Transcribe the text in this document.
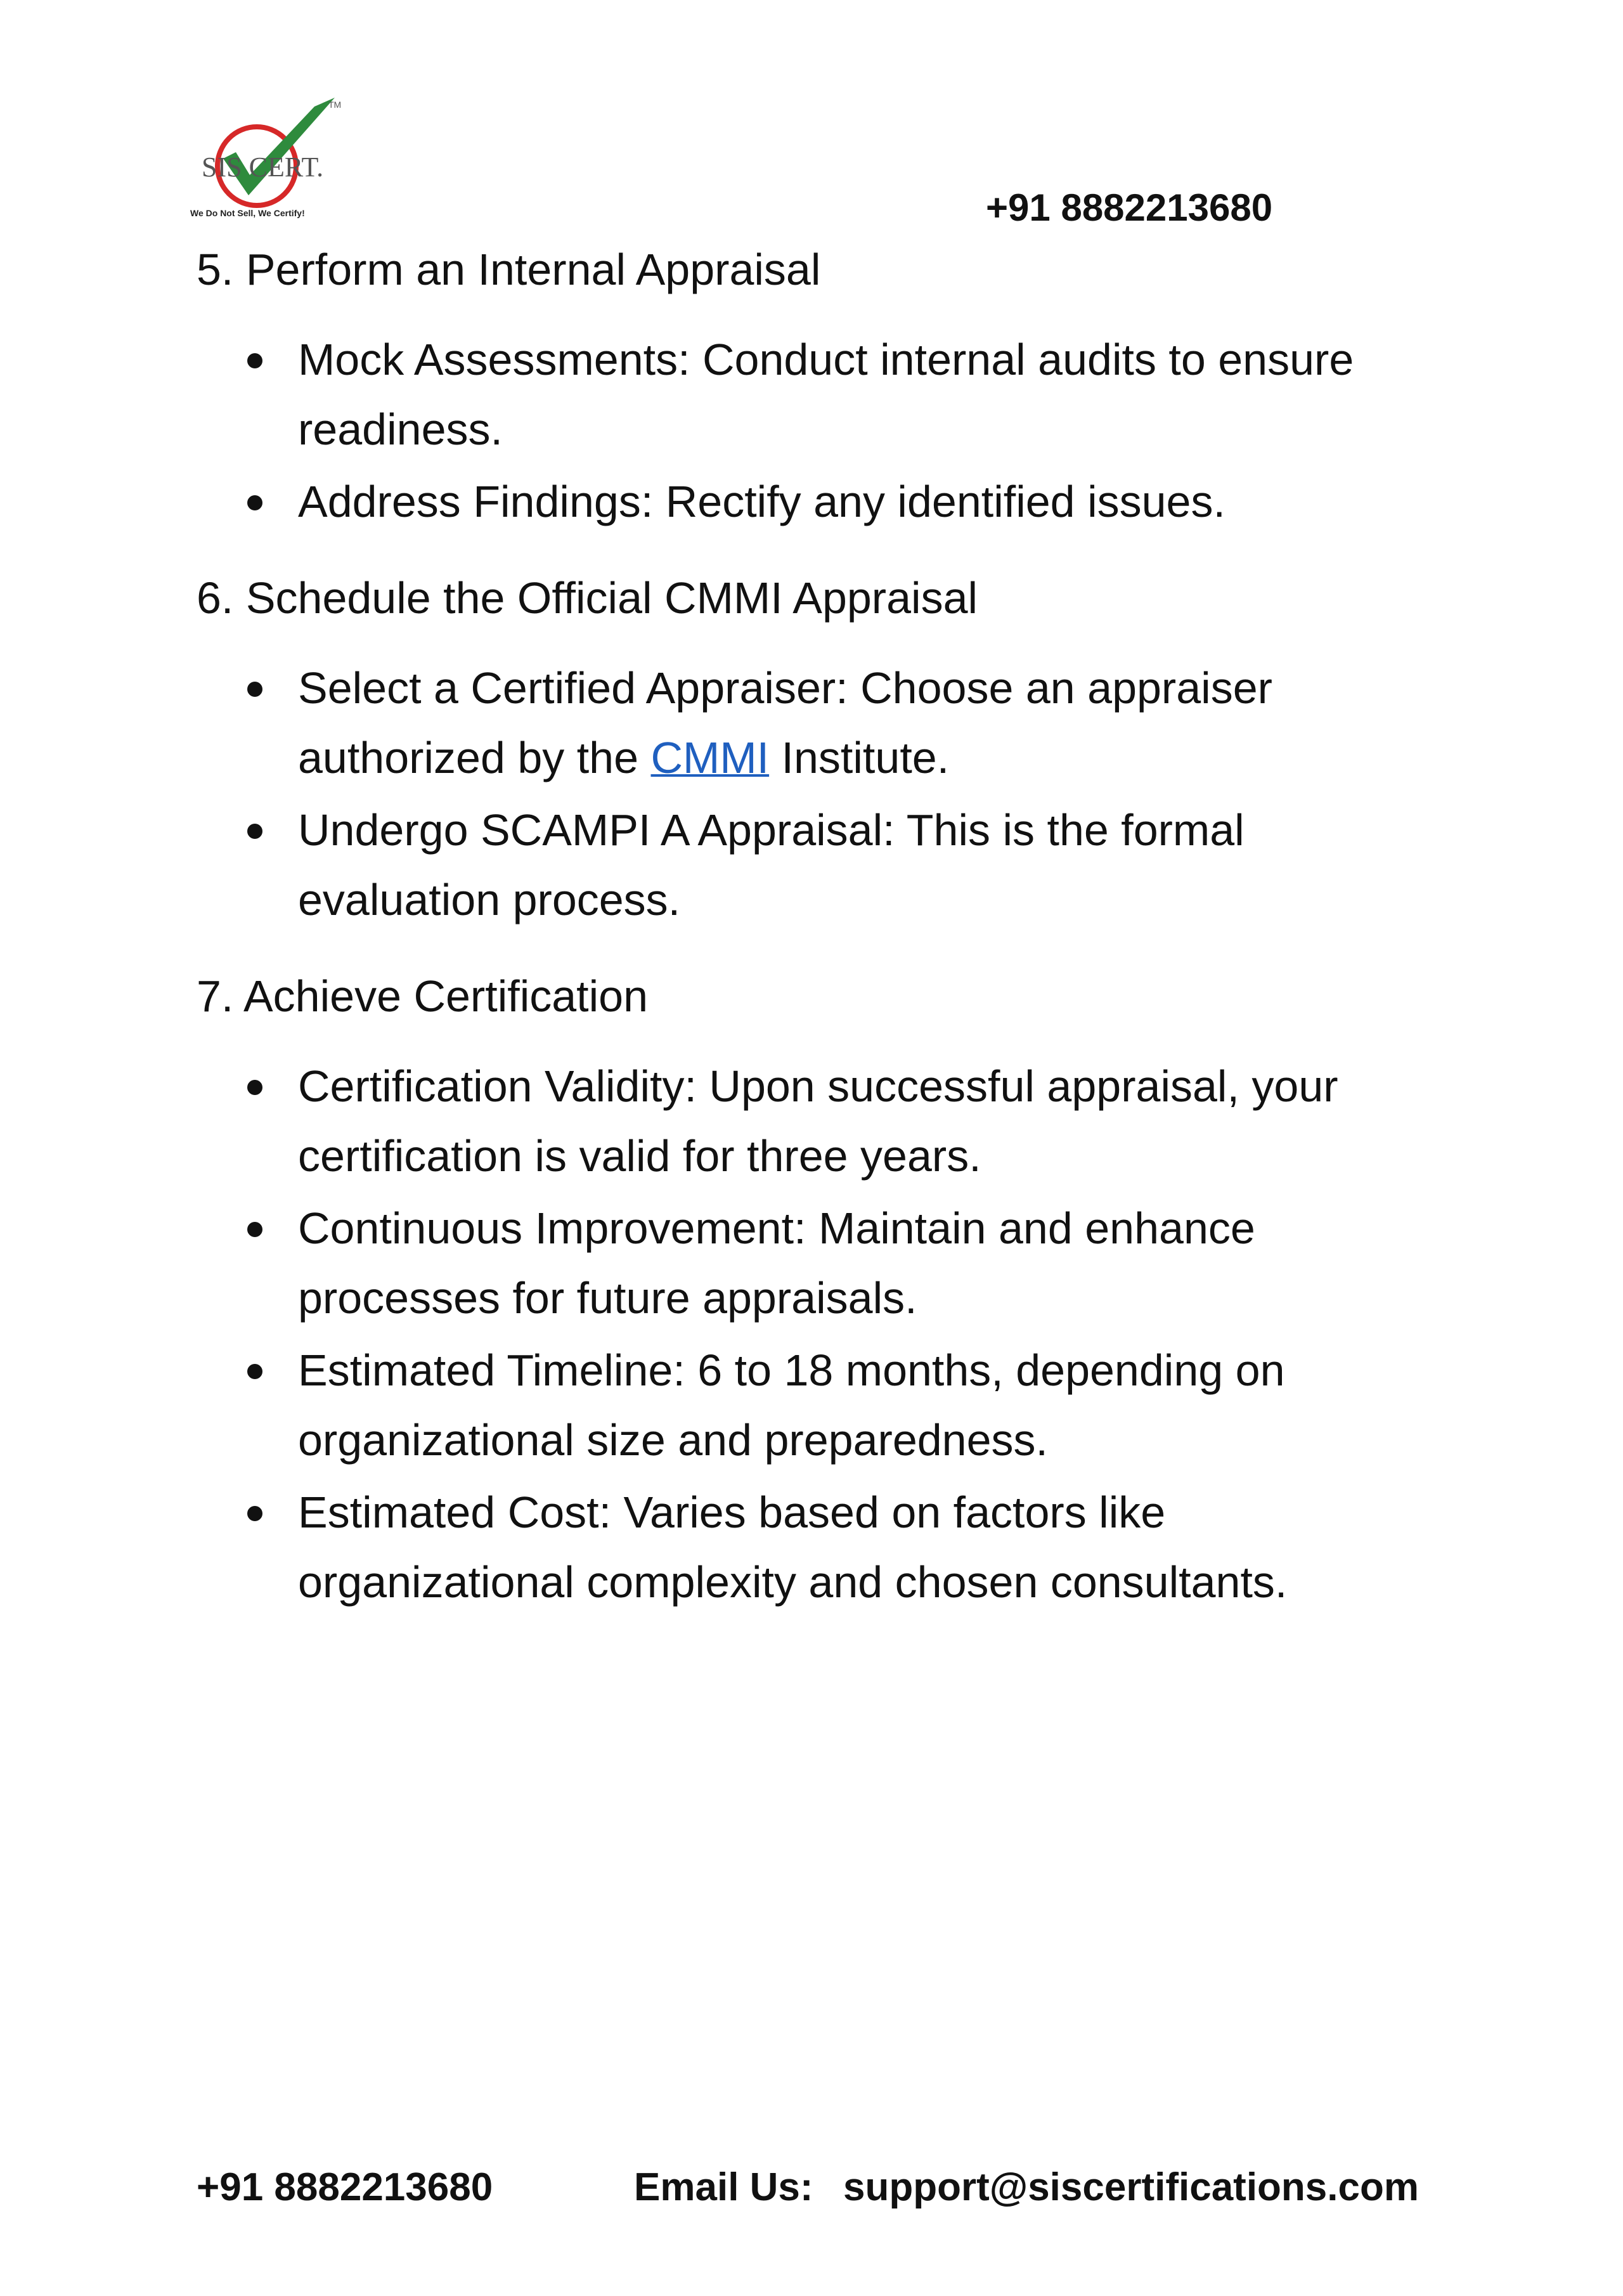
SIS CERT.
TM
We Do Not Sell, We Certify!	+91 8882213680

5. Perform an Internal Appraisal

Mock Assessments: Conduct internal audits to ensure readiness.
Address Findings: Rectify any identified issues.

6. Schedule the Official CMMI Appraisal

Select a Certified Appraiser: Choose an appraiser authorized by the CMMI Institute.
Undergo SCAMPI A Appraisal: This is the formal evaluation process.

7. Achieve Certification

Certification Validity: Upon successful appraisal, your certification is valid for three years.
Continuous Improvement: Maintain and enhance processes for future appraisals.
Estimated Timeline: 6 to 18 months, depending on organizational size and preparedness.
Estimated Cost: Varies based on factors like organizational complexity and chosen consultants.
+91 8882213680	Email Us: support@siscertifications.com
